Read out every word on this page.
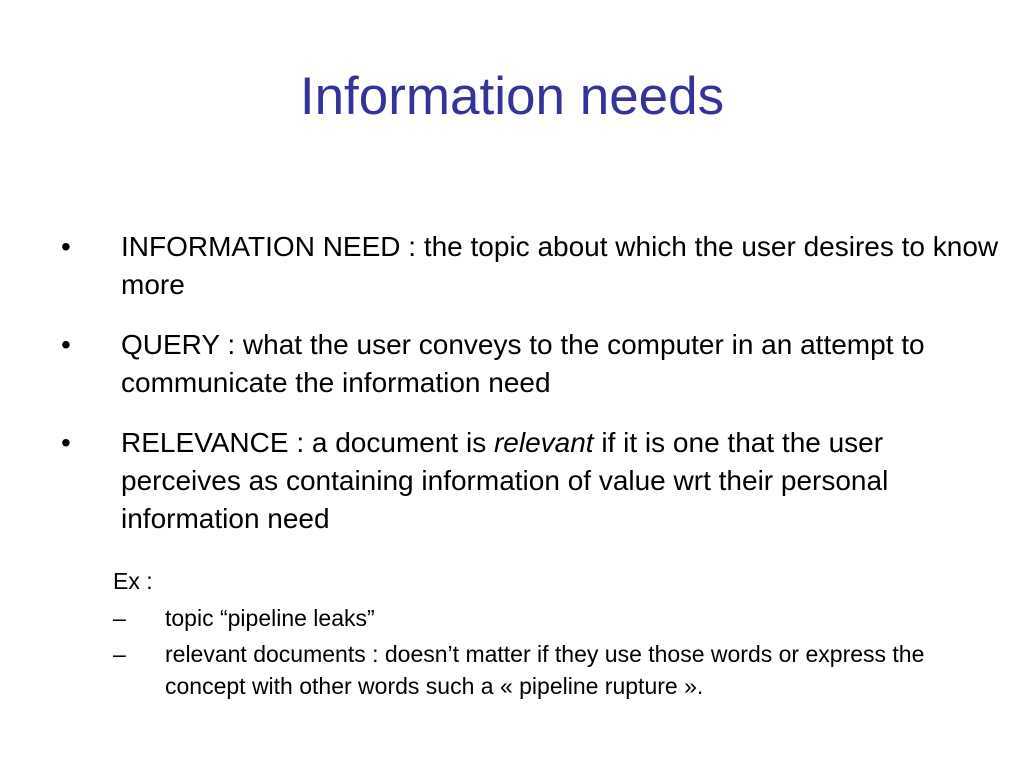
Information needs
• INFORMATION NEED : the topic about which the user desires to know more
• QUERY : what the user conveys to the computer in an attempt to communicate the information need
• RELEVANCE : a document is relevant if it is one that the user perceives as containing information of value wrt their personal information need
Ex :
– topic “pipeline leaks”
– relevant documents : doesn’t matter if they use those words or express the concept with other words such a « pipeline rupture ».
